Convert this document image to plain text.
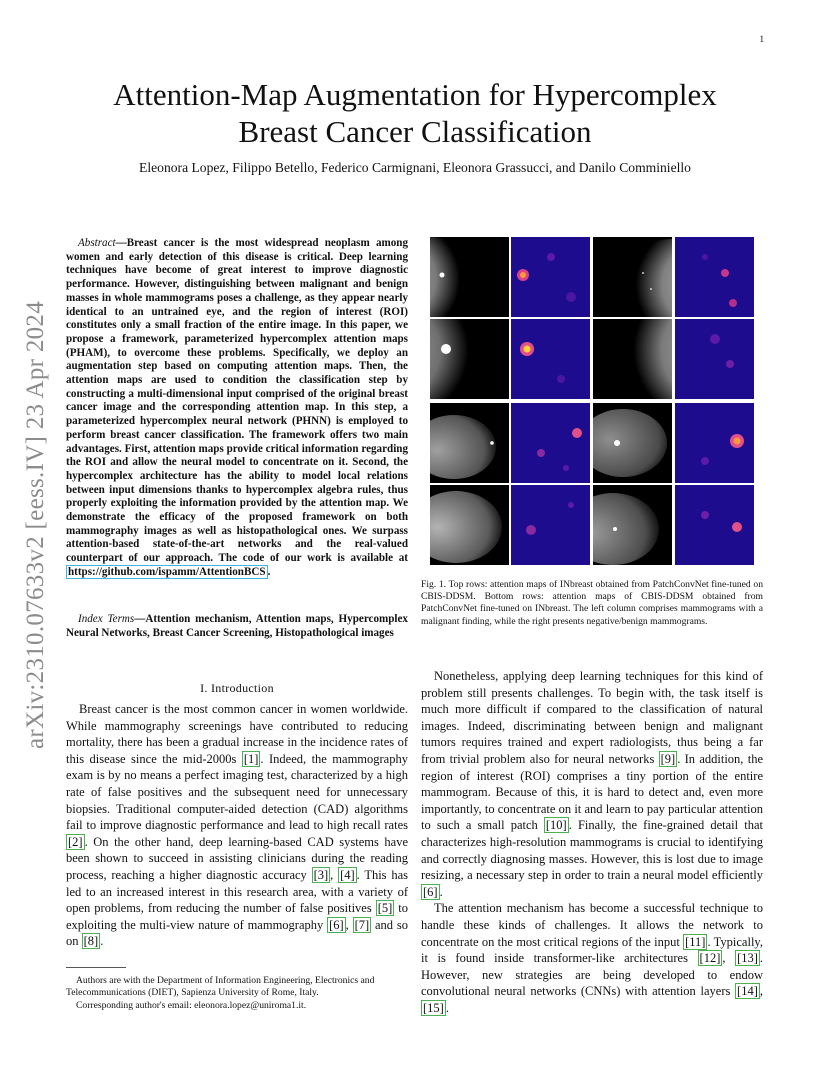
1
arXiv:2310.07633v2 [eess.IV] 23 Apr 2024
Attention-Map Augmentation for Hypercomplex
Breast Cancer Classification
Eleonora Lopez, Filippo Betello, Federico Carmignani, Eleonora Grassucci, and Danilo Comminiello
Abstract—Breast cancer is the most widespread neoplasm among women and early detection of this disease is critical. Deep learning techniques have become of great interest to improve diagnostic performance. However, distinguishing between malignant and benign masses in whole mammograms poses a challenge, as they appear nearly identical to an untrained eye, and the region of interest (ROI) constitutes only a small fraction of the entire image. In this paper, we propose a framework, parameterized hypercomplex attention maps (PHAM), to overcome these problems. Specifically, we deploy an augmentation step based on computing attention maps. Then, the attention maps are used to condition the classification step by constructing a multi-dimensional input comprised of the original breast cancer image and the corresponding attention map. In this step, a parameterized hypercomplex neural network (PHNN) is employed to perform breast cancer classification. The framework offers two main advantages. First, attention maps provide critical information regarding the ROI and allow the neural model to concentrate on it. Second, the hypercomplex architecture has the ability to model local relations between input dimensions thanks to hypercomplex algebra rules, thus properly exploiting the information provided by the attention map. We demonstrate the efficacy of the proposed framework on both mammography images as well as histopathological ones. We surpass attention-based state-of-the-art networks and the real-valued counterpart of our approach. The code of our work is available at https://github.com/ispamm/AttentionBCS .
Index Terms—Attention mechanism, Attention maps, Hypercomplex Neural Networks, Breast Cancer Screening, Histopathological images
I. Introduction

Breast cancer is the most common cancer in women worldwide. While mammography screenings have contributed to reducing mortality, there has been a gradual increase in the incidence rates of this disease since the mid-2000s [1] . Indeed, the mammography exam is by no means a perfect imaging test, characterized by a high rate of false positives and the subsequent need for unnecessary biopsies. Traditional computer-aided detection (CAD) algorithms fail to improve diagnostic performance and lead to high recall rates [2] . On the other hand, deep learning-based CAD systems have been shown to succeed in assisting clinicians during the reading process, reaching a higher diagnostic accuracy [3] , [4] . This has led to an increased interest in this research area, with a variety of open problems, from reducing the number of false positives [5] to exploiting the multi-view nature of mammography [6] , [7] and so on [8] .

Authors are with the Department of Information Engineering, Electronics and Telecommunications (DIET), Sapienza University of Rome, Italy.

Corresponding author's email: eleonora.lopez@uniroma1.it.

Fig. 1. Top rows: attention maps of INbreast obtained from PatchConvNet fine-tuned on CBIS-DDSM. Bottom rows: attention maps of CBIS-DDSM obtained from PatchConvNet fine-tuned on INbreast. The left column comprises mammograms with a malignant finding, while the right presents negative/benign mammograms.

Nonetheless, applying deep learning techniques for this kind of problem still presents challenges. To begin with, the task itself is much more difficult if compared to the classification of natural images. Indeed, discriminating between benign and malignant tumors requires trained and expert radiologists, thus being a far from trivial problem also for neural networks [9] . In addition, the region of interest (ROI) comprises a tiny portion of the entire mammogram. Because of this, it is hard to detect and, even more importantly, to concentrate on it and learn to pay particular attention to such a small patch [10] . Finally, the fine-grained detail that characterizes high-resolution mammograms is crucial to identifying and correctly diagnosing masses. However, this is lost due to image resizing, a necessary step in order to train a neural model efficiently [6] .

The attention mechanism has become a successful technique to handle these kinds of challenges. It allows the network to concentrate on the most critical regions of the input [11] . Typically, it is found inside transformer-like architectures [12] , [13] . However, new strategies are being developed to endow convolutional neural networks (CNNs) with attention layers [14] , [15] .
